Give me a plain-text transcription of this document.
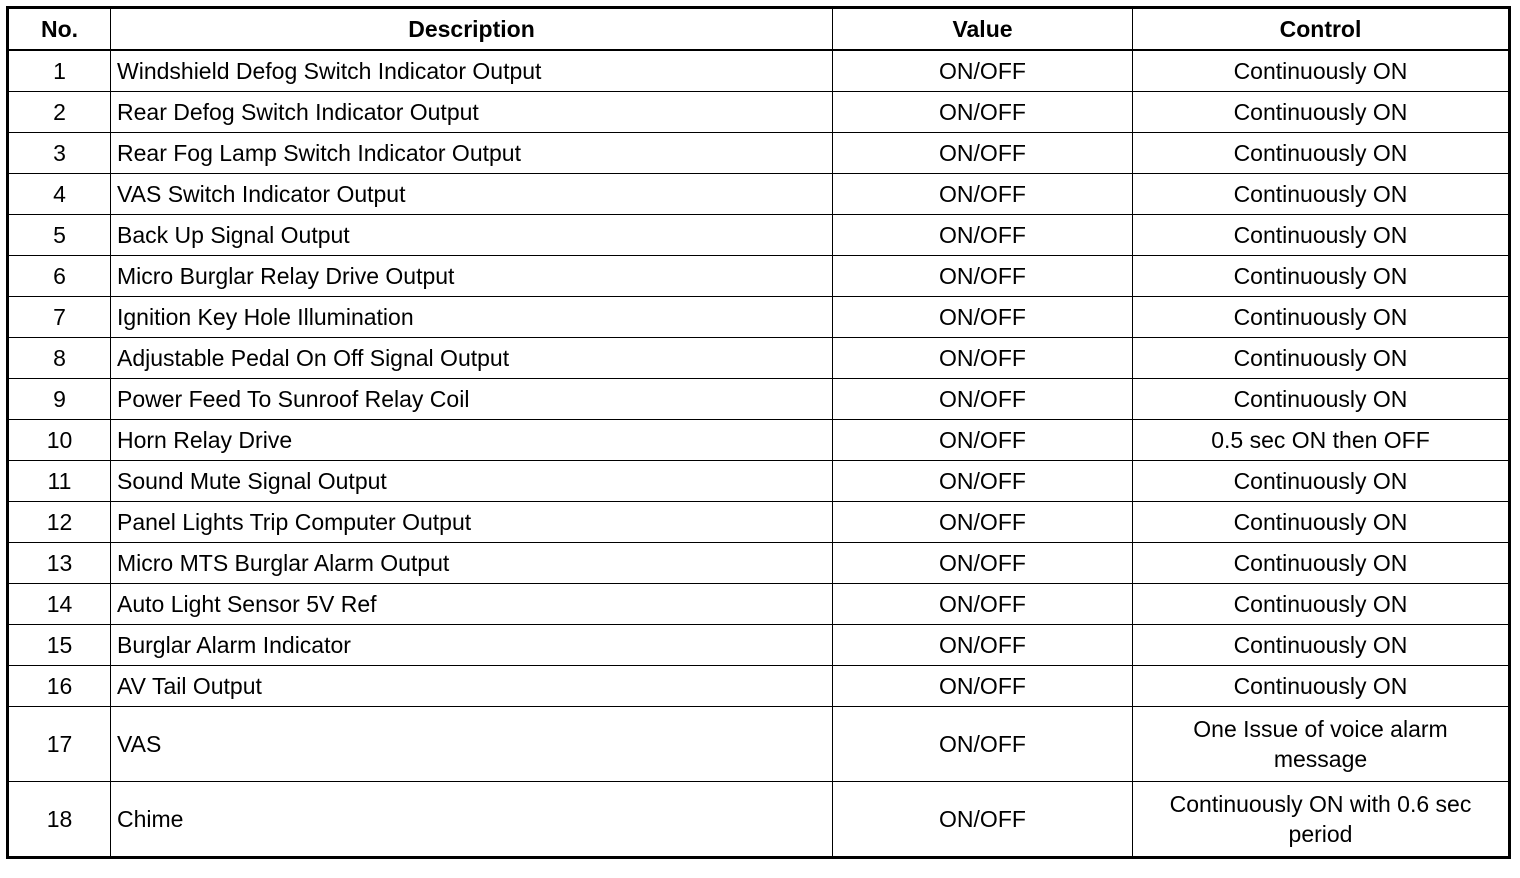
No.	Description	Value	Control
1	Windshield Defog Switch Indicator Output	ON/OFF	Continuously ON
2	Rear Defog Switch Indicator Output	ON/OFF	Continuously ON
3	Rear Fog Lamp Switch Indicator Output	ON/OFF	Continuously ON
4	VAS Switch Indicator Output	ON/OFF	Continuously ON
5	Back Up Signal Output	ON/OFF	Continuously ON
6	Micro Burglar Relay Drive Output	ON/OFF	Continuously ON
7	Ignition Key Hole Illumination	ON/OFF	Continuously ON
8	Adjustable Pedal On Off Signal Output	ON/OFF	Continuously ON
9	Power Feed To Sunroof Relay Coil	ON/OFF	Continuously ON
10	Horn Relay Drive	ON/OFF	0.5 sec ON then OFF
11	Sound Mute Signal Output	ON/OFF	Continuously ON
12	Panel Lights Trip Computer Output	ON/OFF	Continuously ON
13	Micro MTS Burglar Alarm Output	ON/OFF	Continuously ON
14	Auto Light Sensor 5V Ref	ON/OFF	Continuously ON
15	Burglar Alarm Indicator	ON/OFF	Continuously ON
16	AV Tail Output	ON/OFF	Continuously ON
17	VAS	ON/OFF	One Issue of voice alarm message
18	Chime	ON/OFF	Continuously ON with 0.6 sec period
